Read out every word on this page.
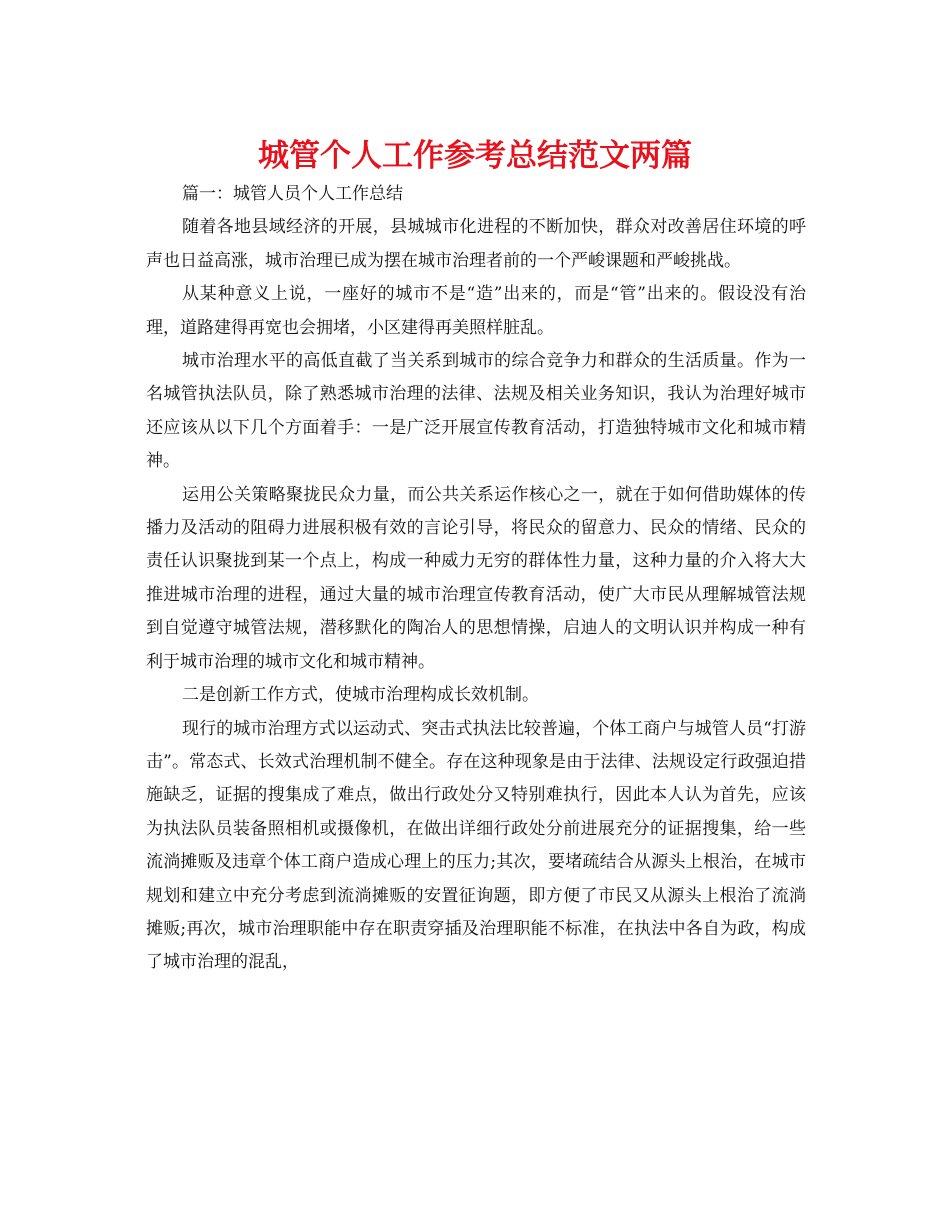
城管个人工作参考总结范文两篇

篇一：城管人员个人工作总结

随着各地县域经济的开展，县城城市化进程的不断加快，群众对改善居住环境的呼声也日益高涨，城市治理已成为摆在城市治理者前的一个严峻课题和严峻挑战。

从某种意义上说，一座好的城市不是“造”出来的，而是“管”出来的。假设没有治理，道路建得再宽也会拥堵，小区建得再美照样脏乱。

城市治理水平的高低直截了当关系到城市的综合竞争力和群众的生活质量。作为一名城管执法队员，除了熟悉城市治理的法律、法规及相关业务知识，我认为治理好城市还应该从以下几个方面着手：一是广泛开展宣传教育活动，打造独特城市文化和城市精神。

运用公关策略聚拢民众力量，而公共关系运作核心之一，就在于如何借助媒体的传播力及活动的阻碍力进展积极有效的言论引导，将民众的留意力、民众的情绪、民众的责任认识聚拢到某一个点上，构成一种威力无穷的群体性力量，这种力量的介入将大大推进城市治理的进程，通过大量的城市治理宣传教育活动，使广大市民从理解城管法规到自觉遵守城管法规，潜移默化的陶冶人的思想情操，启迪人的文明认识并构成一种有利于城市治理的城市文化和城市精神。

二是创新工作方式，使城市治理构成长效机制。

现行的城市治理方式以运动式、突击式执法比较普遍，个体工商户与城管人员“打游击”。常态式、长效式治理机制不健全。存在这种现象是由于法律、法规设定行政强迫措施缺乏，证据的搜集成了难点，做出行政处分又特别难执行，因此本人认为首先，应该为执法队员装备照相机或摄像机，在做出详细行政处分前进展充分的证据搜集，给一些流淌摊贩及违章个体工商户造成心理上的压力;其次，要堵疏结合从源头上根治，在城市规划和建立中充分考虑到流淌摊贩的安置征询题，即方便了市民又从源头上根治了流淌摊贩;再次，城市治理职能中存在职责穿插及治理职能不标准，在执法中各自为政，构成了城市治理的混乱，
